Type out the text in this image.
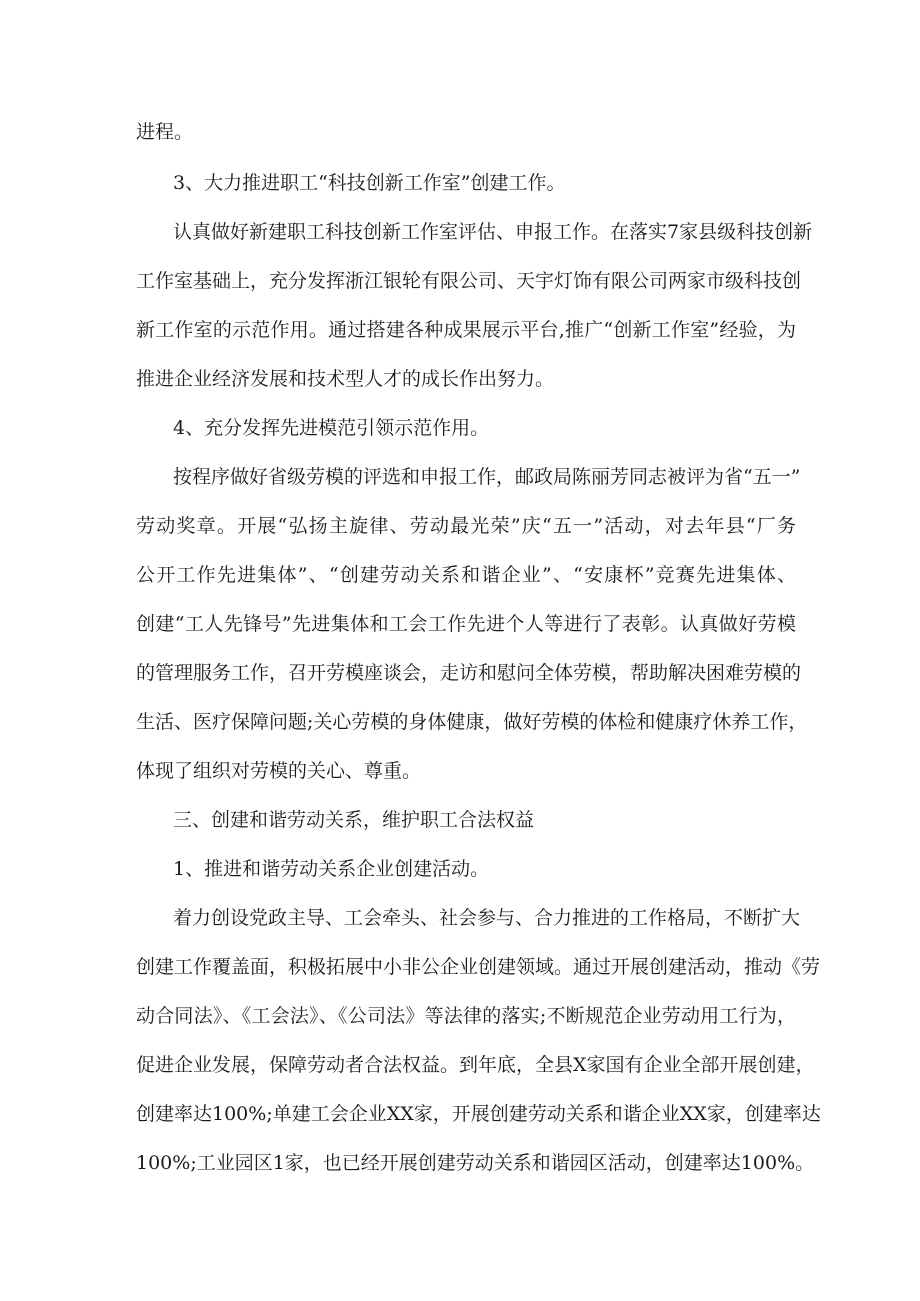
进程。
3、大力推进职工“科技创新工作室”创建工作。
认真做好新建职工科技创新工作室评估、申报工作。在落实7家县级科技创新
工作室基础上，充分发挥浙江银轮有限公司、天宇灯饰有限公司两家市级科技创
新工作室的示范作用。通过搭建各种成果展示平台,推广“创新工作室”经验，为
推进企业经济发展和技术型人才的成长作出努力。
4、充分发挥先进模范引领示范作用。
按程序做好省级劳模的评选和申报工作，邮政局陈丽芳同志被评为省“五一”
劳动奖章。开展“弘扬主旋律、劳动最光荣”庆“五一”活动，对去年县“厂务
公开工作先进集体”、“创建劳动关系和谐企业”、“安康杯”竞赛先进集体、
创建“工人先锋号”先进集体和工会工作先进个人等进行了表彰。认真做好劳模
的管理服务工作，召开劳模座谈会，走访和慰问全体劳模，帮助解决困难劳模的
生活、医疗保障问题;关心劳模的身体健康，做好劳模的体检和健康疗休养工作，
体现了组织对劳模的关心、尊重。
三、创建和谐劳动关系，维护职工合法权益
1、推进和谐劳动关系企业创建活动。
着力创设党政主导、工会牵头、社会参与、合力推进的工作格局，不断扩大
创建工作覆盖面，积极拓展中小非公企业创建领域。通过开展创建活动，推动《劳
动合同法》、《工会法》、《公司法》等法律的落实;不断规范企业劳动用工行为，
促进企业发展，保障劳动者合法权益。到年底，全县X家国有企业全部开展创建，
创建率达100%;单建工会企业XX家，开展创建劳动关系和谐企业XX家，创建率达
100%;工业园区1家，也已经开展创建劳动关系和谐园区活动，创建率达100%。
